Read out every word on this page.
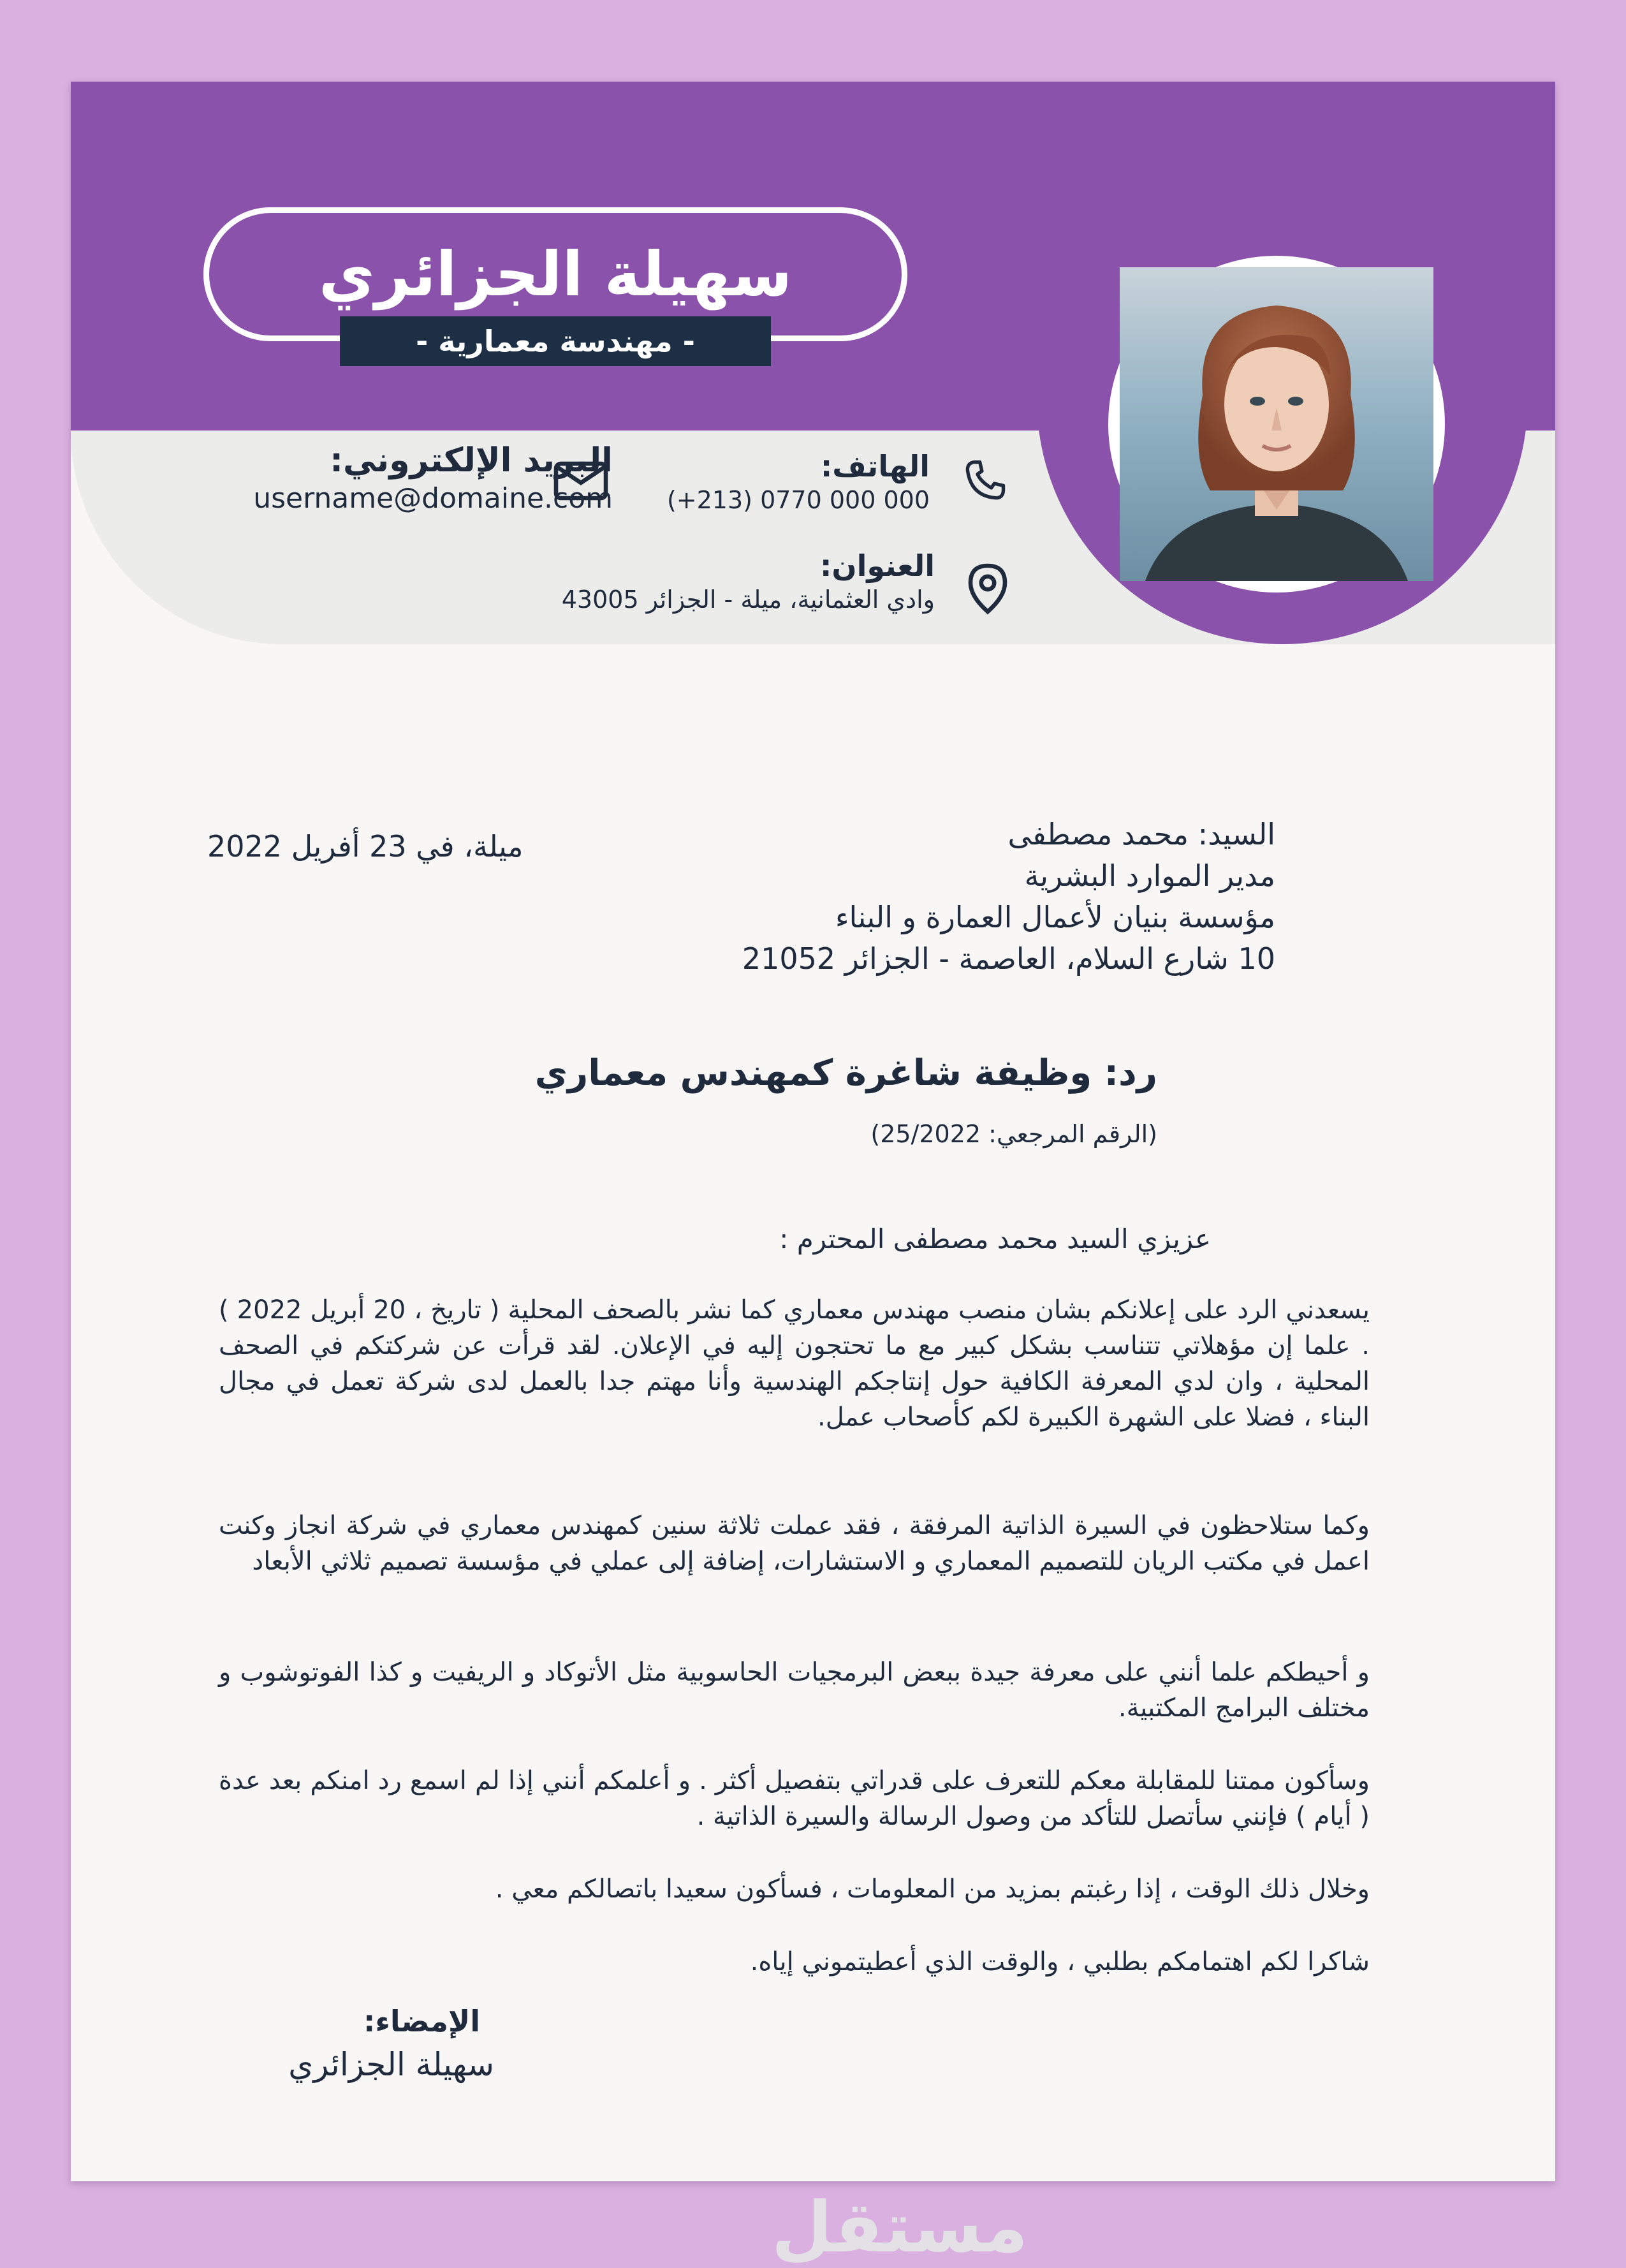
سهيلة الجزائري
- مهندسة معمارية -
الهاتف:
(+213) 0770 000 000
البريد الإلكتروني:
username@domaine.com
العنوان:
وادي العثمانية، ميلة - الجزائر 43005
السيد: محمد مصطفى
مدير الموارد البشرية
مؤسسة بنيان لأعمال العمارة و البناء
10 شارع السلام، العاصمة - الجزائر 21052
ميلة، في 23 أفريل 2022
رد: وظيفة شاغرة كمهندس معماري
(الرقم المرجعي: 25/2022)
عزيزي السيد محمد مصطفى المحترم :
يسعدني الرد على إعلانكم بشان منصب مهندس معماري كما نشر بالصحف المحلية ( تاريخ ، 20 أبريل 2022 ) . علما إن مؤهلاتي تتناسب بشكل كبير مع ما تحتجون إليه في الإعلان. لقد قرأت عن شركتكم في الصحف المحلية ، وان لدي المعرفة الكافية حول إنتاجكم الهندسية وأنا مهتم جدا بالعمل لدى شركة تعمل في مجال البناء ، فضلا على الشهرة الكبيرة لكم كأصحاب عمل.
وكما ستلاحظون في السيرة الذاتية المرفقة ، فقد عملت ثلاثة سنين كمهندس معماري في شركة انجاز وكنت اعمل في مكتب الريان للتصميم المعماري و الاستشارات، إضافة إلى عملي في مؤسسة تصميم ثلاثي الأبعاد
و أحيطكم علما أنني على معرفة جيدة ببعض البرمجيات الحاسوبية مثل الأتوكاد و الريفيت و كذا الفوتوشوب و مختلف البرامج المكتبية.
وسأكون ممتنا للمقابلة معكم للتعرف على قدراتي بتفصيل أكثر . و أعلمكم أنني إذا لم اسمع رد امنكم بعد عدة ( أيام ) فإنني سأتصل للتأكد من وصول الرسالة والسيرة الذاتية .
وخلال ذلك الوقت ، إذا رغبتم بمزيد من المعلومات ، فسأكون سعيدا باتصالكم معي .
شاكرا لكم اهتمامكم بطلبي ، والوقت الذي أعطيتموني إياه.
الإمضاء:
سهيلة الجزائري
مستقل
